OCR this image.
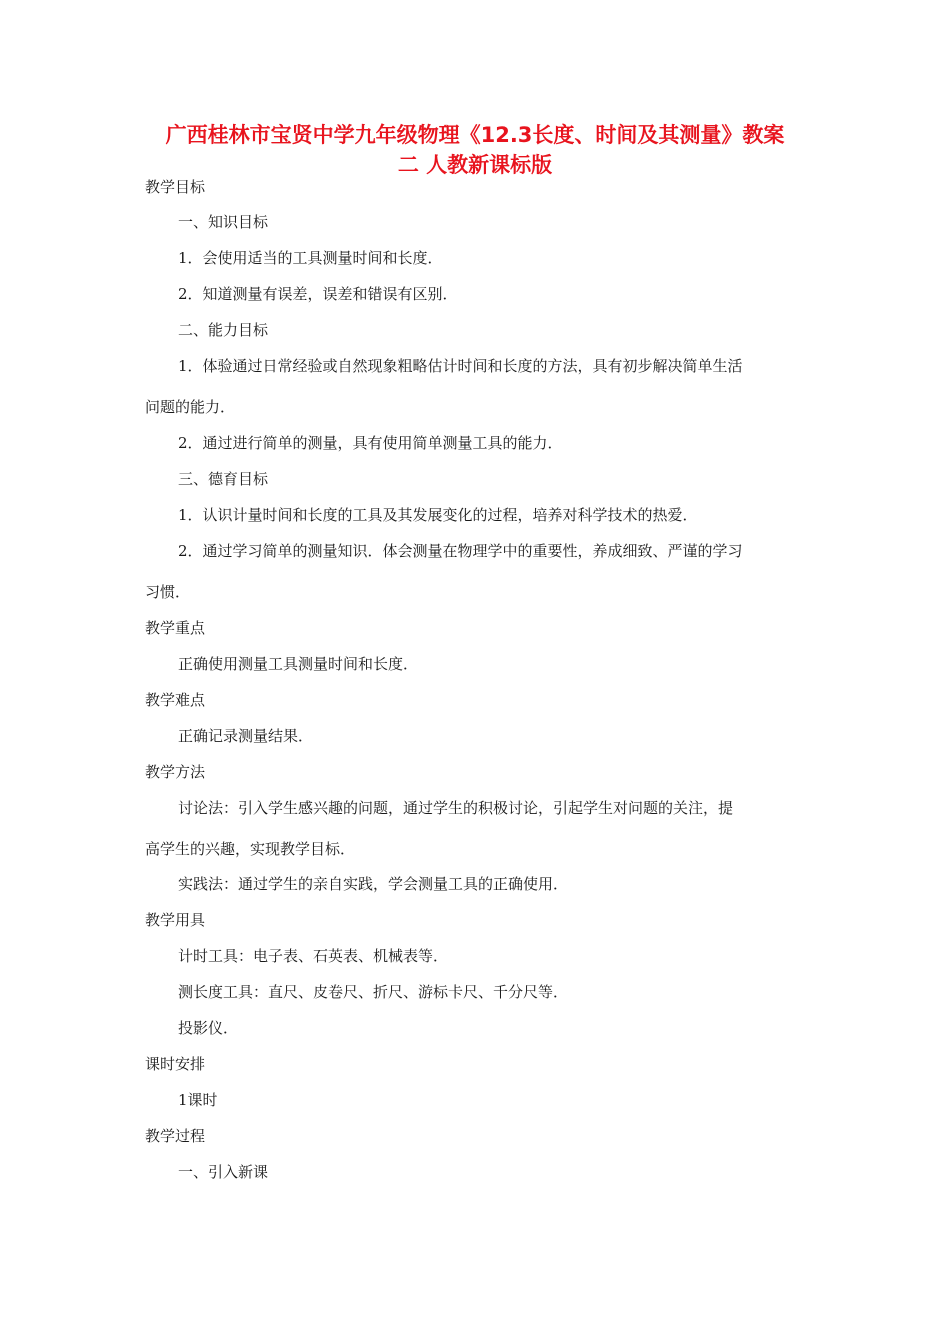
广西桂林市宝贤中学九年级物理《12.3长度、时间及其测量》教案
二 人教新课标版
教学目标
一、知识目标
1．会使用适当的工具测量时间和长度．
2．知道测量有误差，误差和错误有区别．
二、能力目标
1．体验通过日常经验或自然现象粗略估计时间和长度的方法，具有初步解决简单生活
问题的能力．
2．通过进行简单的测量，具有使用简单测量工具的能力．
三、德育目标
1．认识计量时间和长度的工具及其发展变化的过程，培养对科学技术的热爱．
2．通过学习简单的测量知识．体会测量在物理学中的重要性，养成细致、严谨的学习
习惯．
教学重点
正确使用测量工具测量时间和长度．
教学难点
正确记录测量结果．
教学方法
讨论法：引入学生感兴趣的问题，通过学生的积极讨论，引起学生对问题的关注，提
高学生的兴趣，实现教学目标．
实践法：通过学生的亲自实践，学会测量工具的正确使用．
教学用具
计时工具：电子表、石英表、机械表等．
测长度工具：直尺、皮卷尺、折尺、游标卡尺、千分尺等．
投影仪．
课时安排
1课时
教学过程
一、引入新课
